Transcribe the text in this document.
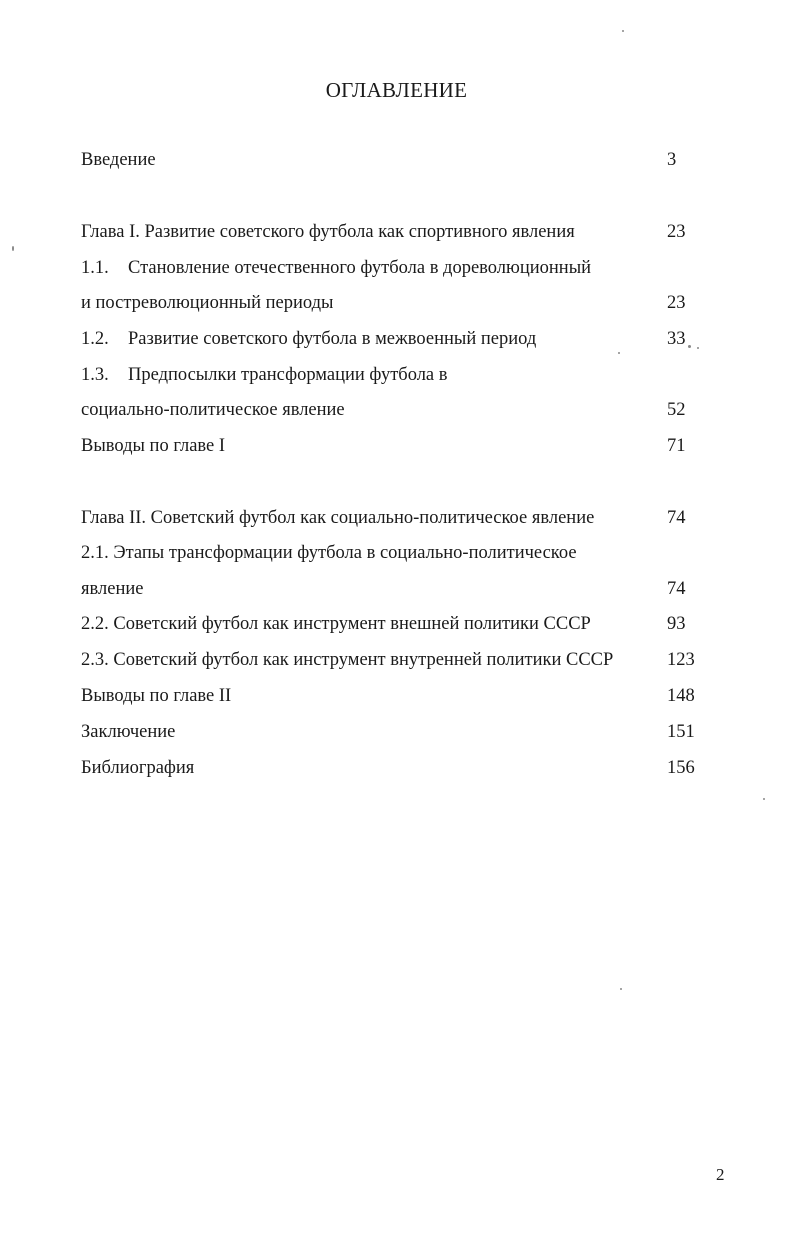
ОГЛАВЛЕНИЕ
Введение	3
Глава I. Развитие советского футбола как спортивного явления	23
1.1. Становление отечественного футбола в дореволюционный
и постреволюционный периоды	23
1.2. Развитие советского футбола в межвоенный период	33
1.3. Предпосылки трансформации футбола в
социально-политическое явление	52
Выводы по главе I	71
Глава II. Советский футбол как социально-политическое явление	74
2.1. Этапы трансформации футбола в социально-политическое
явление	74
2.2. Советский футбол как инструмент внешней политики СССР	93
2.3. Советский футбол как инструмент внутренней политики СССР	123
Выводы по главе II	148
Заключение	151
Библиография	156
2
